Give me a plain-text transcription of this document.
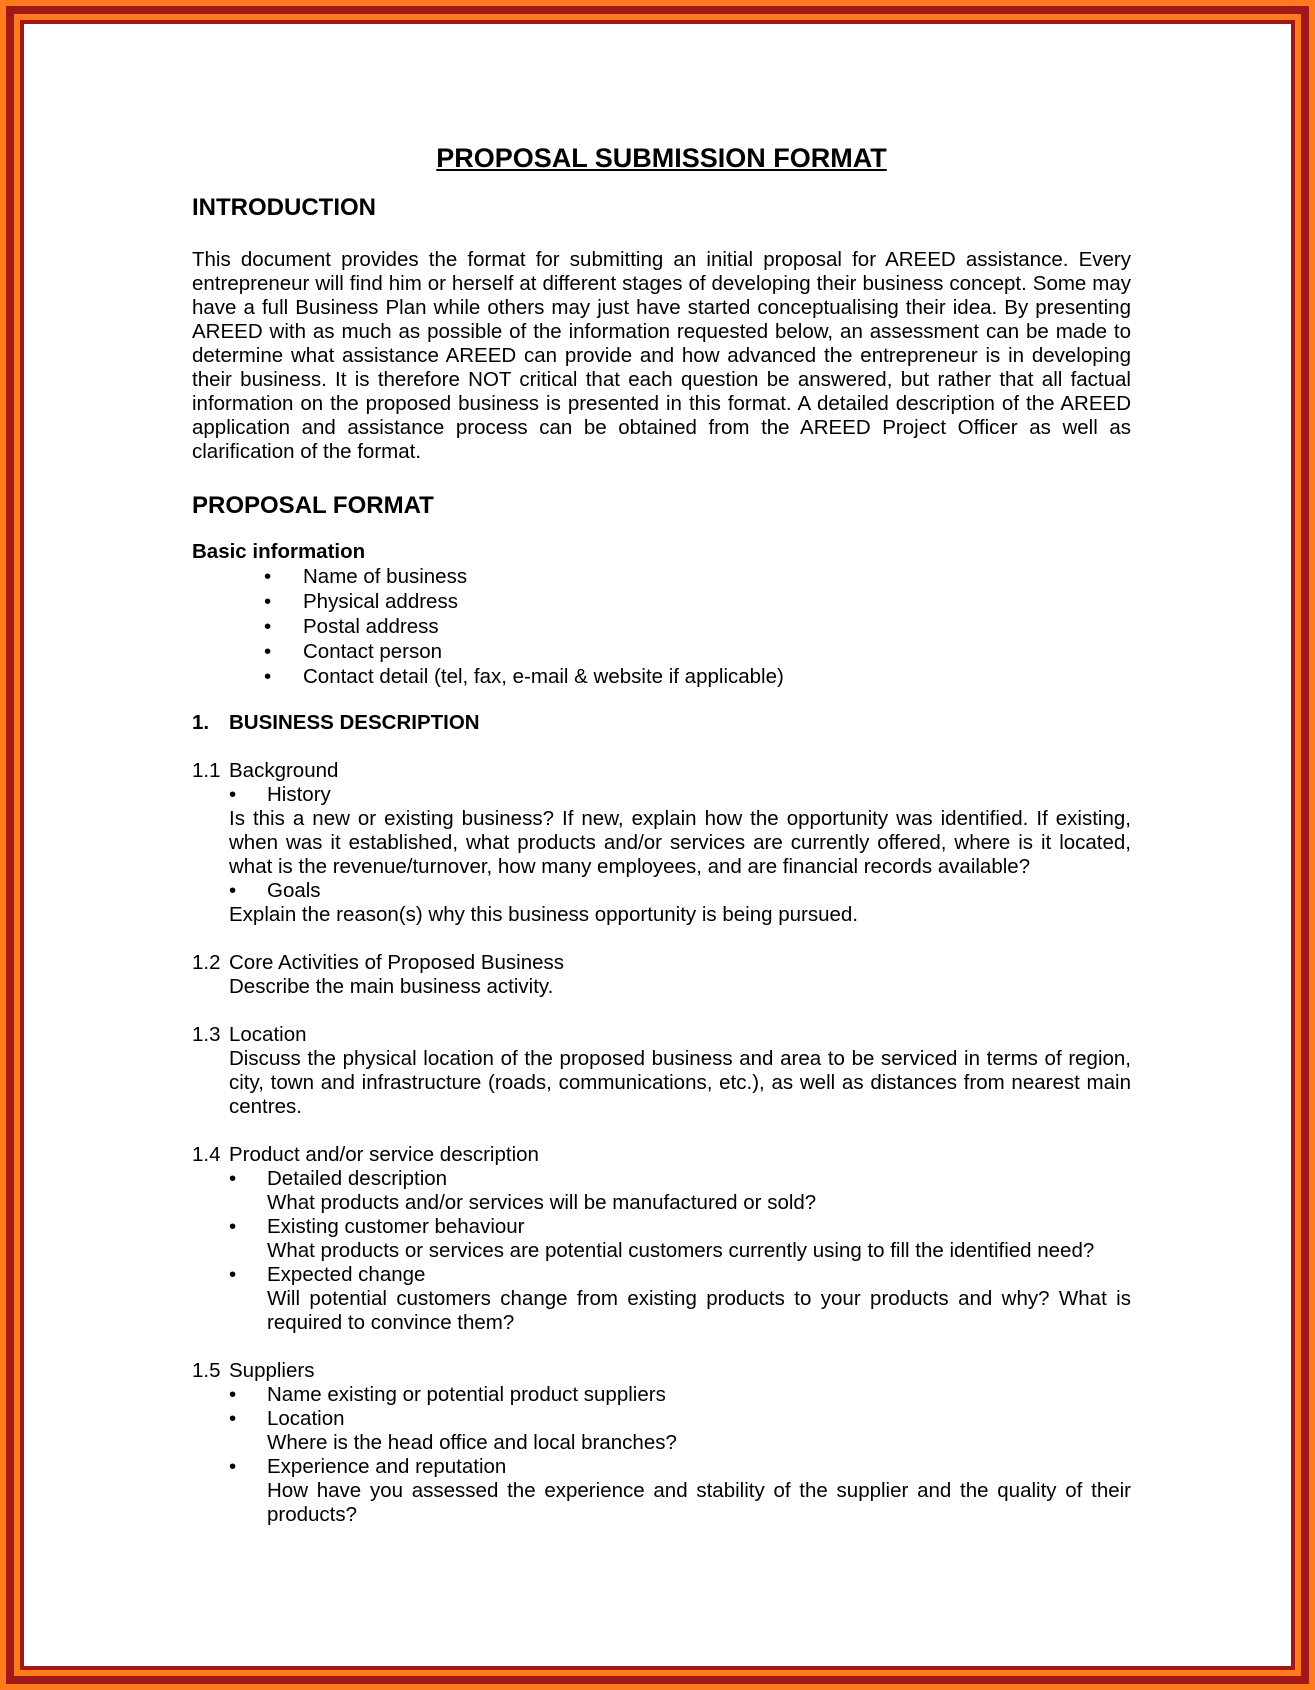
PROPOSAL SUBMISSION FORMAT
INTRODUCTION
This document provides the format for submitting an initial proposal for AREED assistance. Every entrepreneur will find him or herself at different stages of developing their business concept. Some may have a full Business Plan while others may just have started conceptualising their idea. By presenting AREED with as much as possible of the information requested below, an assessment can be made to determine what assistance AREED can provide and how advanced the entrepreneur is in developing their business. It is therefore NOT critical that each question be answered, but rather that all factual information on the proposed business is presented in this format. A detailed description of the AREED application and assistance process can be obtained from the AREED Project Officer as well as clarification of the format.
PROPOSAL FORMAT
Basic information
• Name of business
• Physical address
• Postal address
• Contact person
• Contact detail (tel, fax, e-mail & website if applicable)
1. BUSINESS DESCRIPTION
1.1 Background
• History
Is this a new or existing business? If new, explain how the opportunity was identified. If existing, when was it established, what products and/or services are currently offered, where is it located, what is the revenue/turnover, how many employees, and are financial records available?
• Goals
Explain the reason(s) why this business opportunity is being pursued.
1.2 Core Activities of Proposed Business
Describe the main business activity.
1.3 Location
Discuss the physical location of the proposed business and area to be serviced in terms of region, city, town and infrastructure (roads, communications, etc.), as well as distances from nearest main centres.
1.4 Product and/or service description
• Detailed description
What products and/or services will be manufactured or sold?
• Existing customer behaviour
What products or services are potential customers currently using to fill the identified need?
• Expected change
Will potential customers change from existing products to your products and why? What is required to convince them?
1.5 Suppliers
• Name existing or potential product suppliers
• Location
Where is the head office and local branches?
• Experience and reputation
How have you assessed the experience and stability of the supplier and the quality of their products?
